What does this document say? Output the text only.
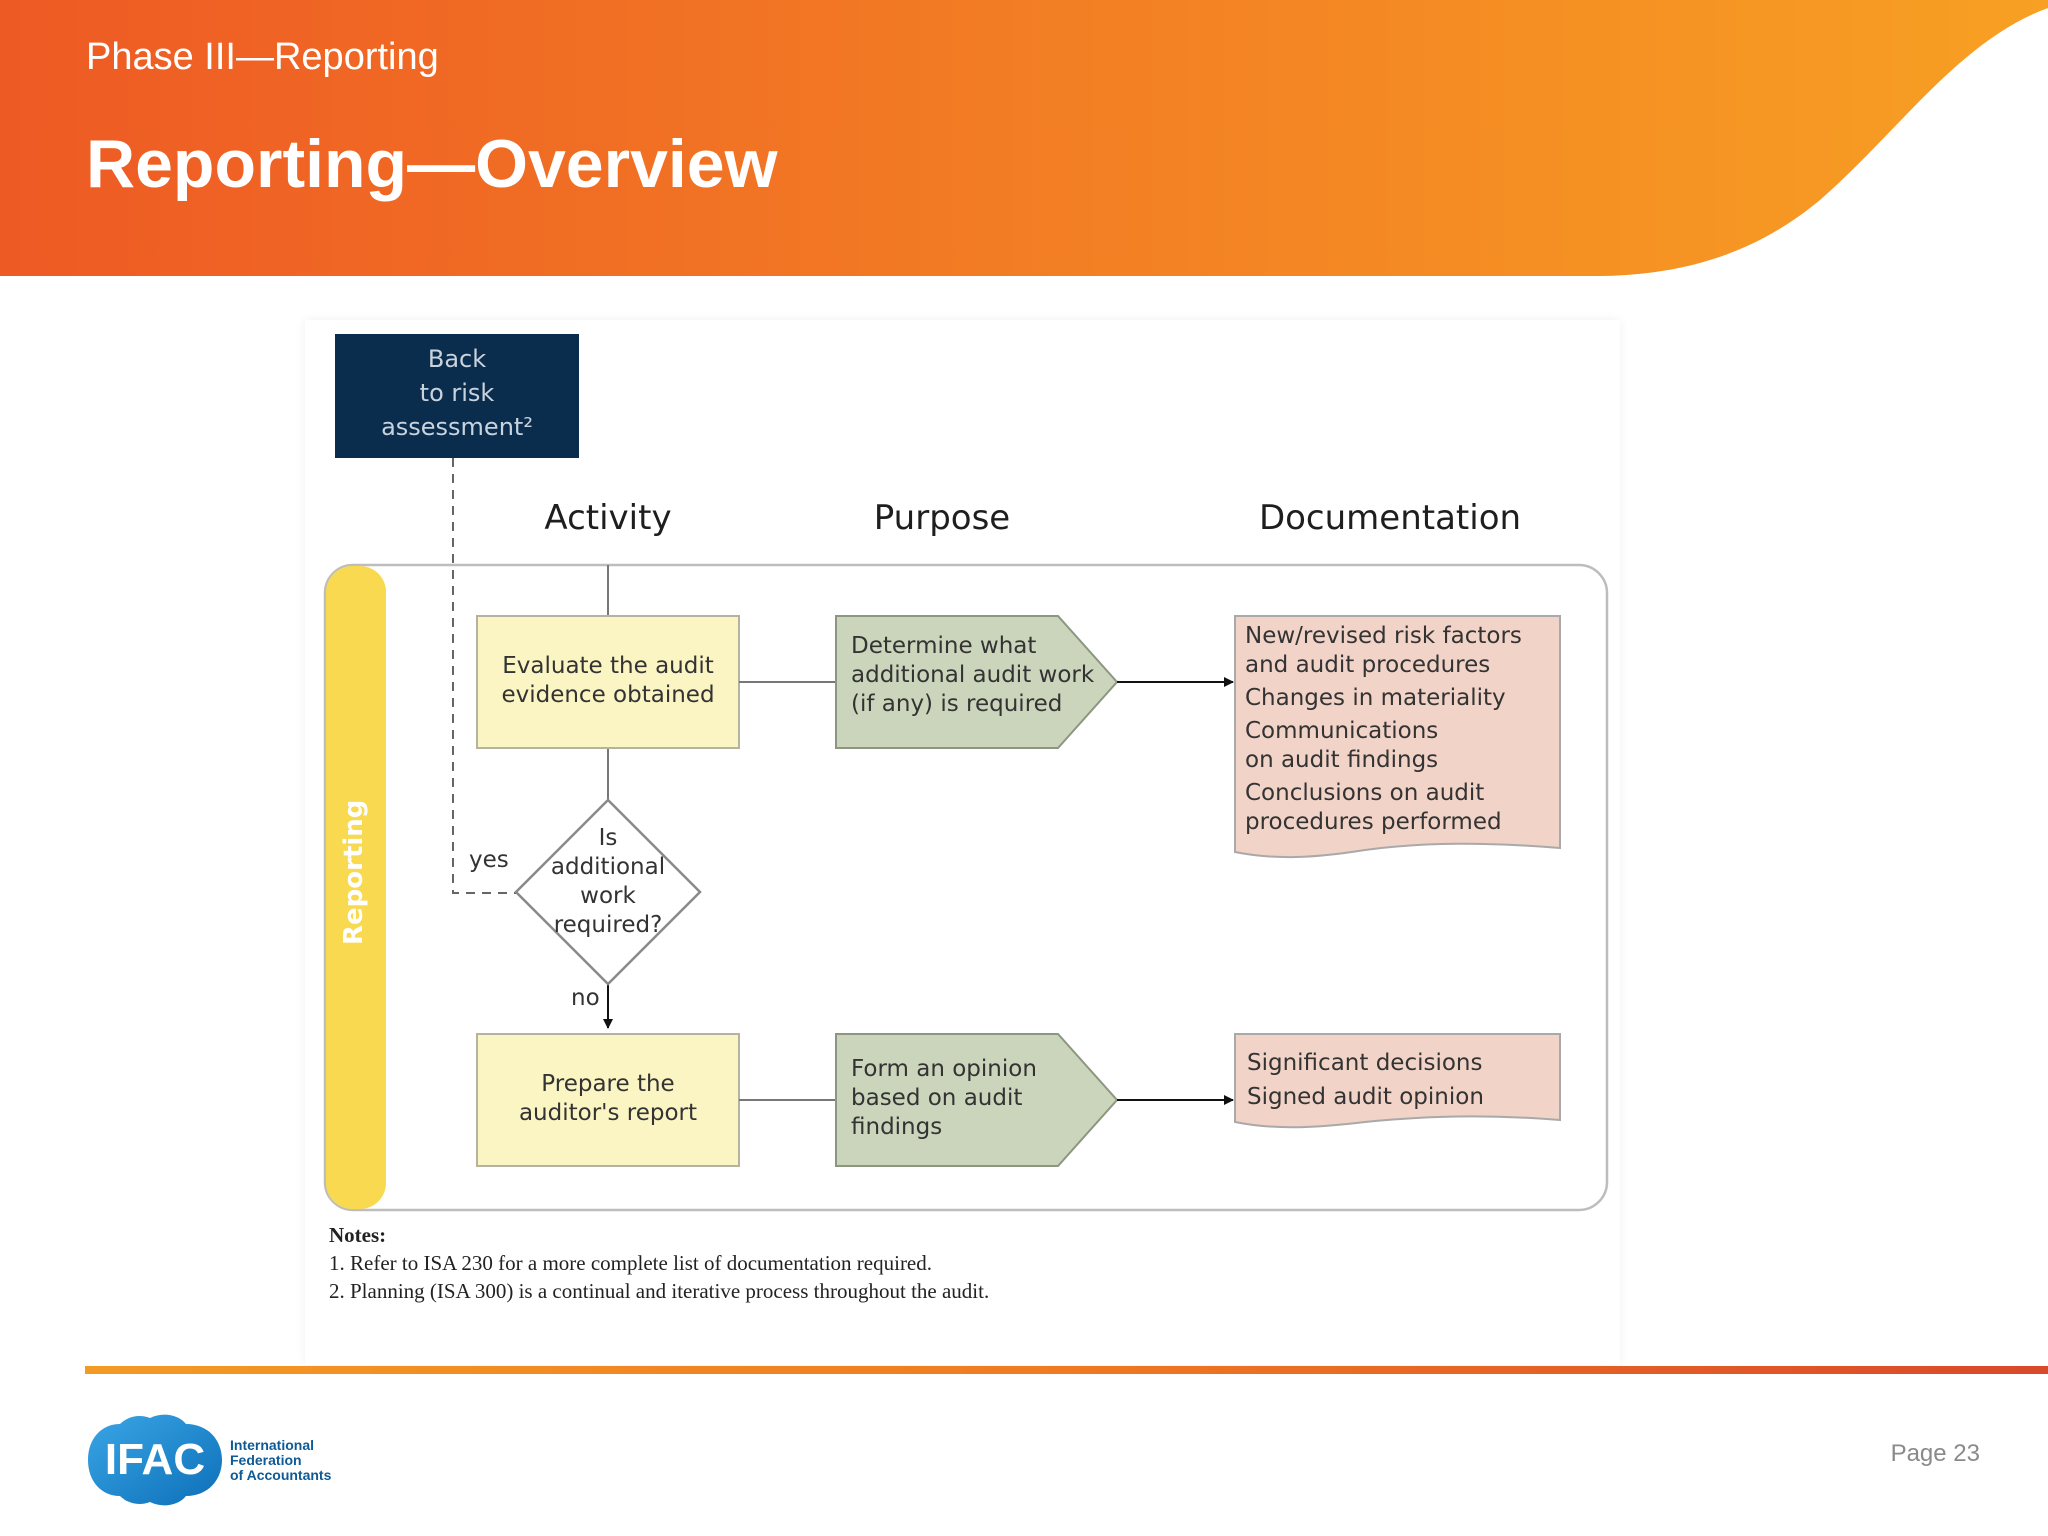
Phase III—Reporting
Reporting—Overview
Back
to risk
assessment²
Activity	Purpose	Documentation
Reporting
Evaluate the audit
evidence obtained
Prepare the
auditor's report
Is
additional
work
required?
yes
no
Determine what
additional audit work
(if any) is required
Form an opinion
based on audit
findings
New/revised risk factors
and audit procedures
Changes in materiality
Communications
on audit findings
Conclusions on audit
procedures performed
Significant decisions
Signed audit opinion
Notes:
1. Refer to ISA 230 for a more complete list of documentation required.
2. Planning (ISA 300) is a continual and iterative process throughout the audit.
IFAC International
Federation
of Accountants

Page 23
